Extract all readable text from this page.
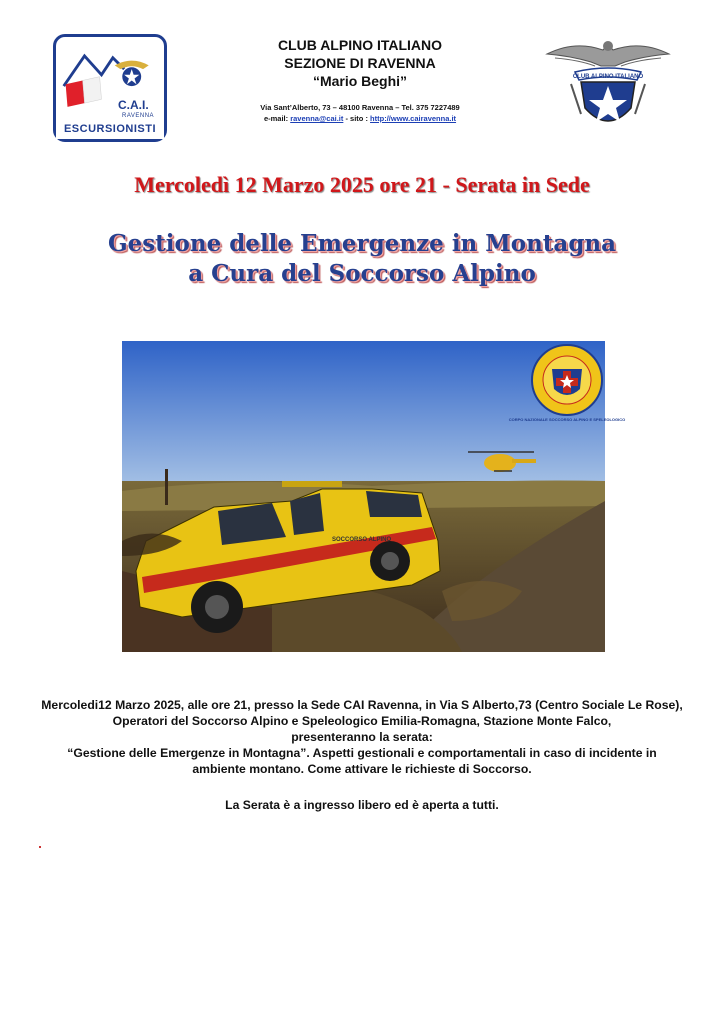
C.A.I.
RAVENNA
ESCURSIONISTI
CLUB ALPINO ITALIANO
SEZIONE DI RAVENNA
“Mario Beghi”
Via Sant’Alberto, 73 – 48100 Ravenna – Tel. 375 7227489
e-mail: ravenna@cai.it - sito : http://www.cairavenna.it
CLUB ALPINO ITALIANO
Mercoledì 12 Marzo 2025 ore 21 - Serata in Sede
Gestione delle Emergenze in Montagna
a Cura del Soccorso Alpino
SOCCORSO ALPINO
CORPO NAZIONALE SOCCORSO ALPINO E SPELEOLOGICO

Mercoledi12 Marzo 2025, alle ore 21, presso la Sede CAI Ravenna, in Via S Alberto,73 (Centro Sociale Le Rose), Operatori del Soccorso Alpino e Speleologico Emilia-Romagna, Stazione Monte Falco,

presenteranno la serata:

“Gestione delle Emergenze in Montagna”. Aspetti gestionali e comportamentali in caso di incidente in ambiente montano. Come attivare le richieste di Soccorso.

La Serata è a ingresso libero ed è aperta a tutti.
